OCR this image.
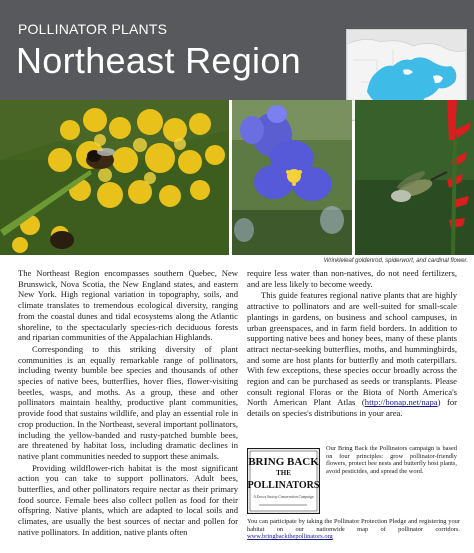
POLLINATOR PLANTS
Northeast Region
Wrinkleleaf goldenrod, spiderwort, and cardinal flower.

The Northeast Region encompasses southern Quebec, New Brunswick, Nova Scotia, the New England states, and eastern New York. High regional variation in topography, soils, and climate translates to tremendous ecological diversity, ranging from the coastal dunes and tidal ecosystems along the Atlantic shoreline, to the spectacularly species-rich deciduous forests and riparian communities of the Appalachian Highlands.

Corresponding to this striking diversity of plant communities is an equally remarkable range of pollinators, including twenty bumble bee species and thousands of other species of native bees, butterflies, hover flies, flower-visiting beetles, wasps, and moths. As a group, these and other pollinators maintain healthy, productive plant communities, provide food that sustains wildlife, and play an essential role in crop production. In the Northeast, several important pollinators, including the yellow-banded and rusty-patched bumble bees, are threatened by habitat loss, including dramatic declines in native plant communities needed to support these animals.

Providing wildflower-rich habitat is the most significant action you can take to support pollinators. Adult bees, butterflies, and other pollinators require nectar as their primary food source. Female bees also collect pollen as food for their offspring. Native plants, which are adapted to local soils and climates, are usually the best sources of nectar and pollen for native pollinators. In addition, native plants often

require less water than non-natives, do not need fertilizers, and are less likely to become weedy.

This guide features regional native plants that are highly attractive to pollinators and are well-suited for small-scale plantings in gardens, on business and school campuses, in urban greenspaces, and in farm field borders. In addition to supporting native bees and honey bees, many of these plants attract nectar-seeking butterflies, moths, and hummingbirds, and some are host plants for butterfly and moth caterpillars. With few exceptions, these species occur broadly across the region and can be purchased as seeds or transplants. Please consult regional Floras or the Biota of North America's North American Plant Atlas (http://bonap.net/napa) for details on species's distributions in your area.

BRING BACK
THE
POLLINATORS
A Xerces Society Conservation Campaign

Our Bring Back the Pollinators campaign is based on four principles: grow pollinator-friendly flowers, protect bee nests and butterfly host plants, avoid pesticides, and spread the word.

You can participate by taking the Pollinator Protection Pledge and registering your habitat on our nationwide map of pollinator corridors. www.bringbackthepollinators.org
